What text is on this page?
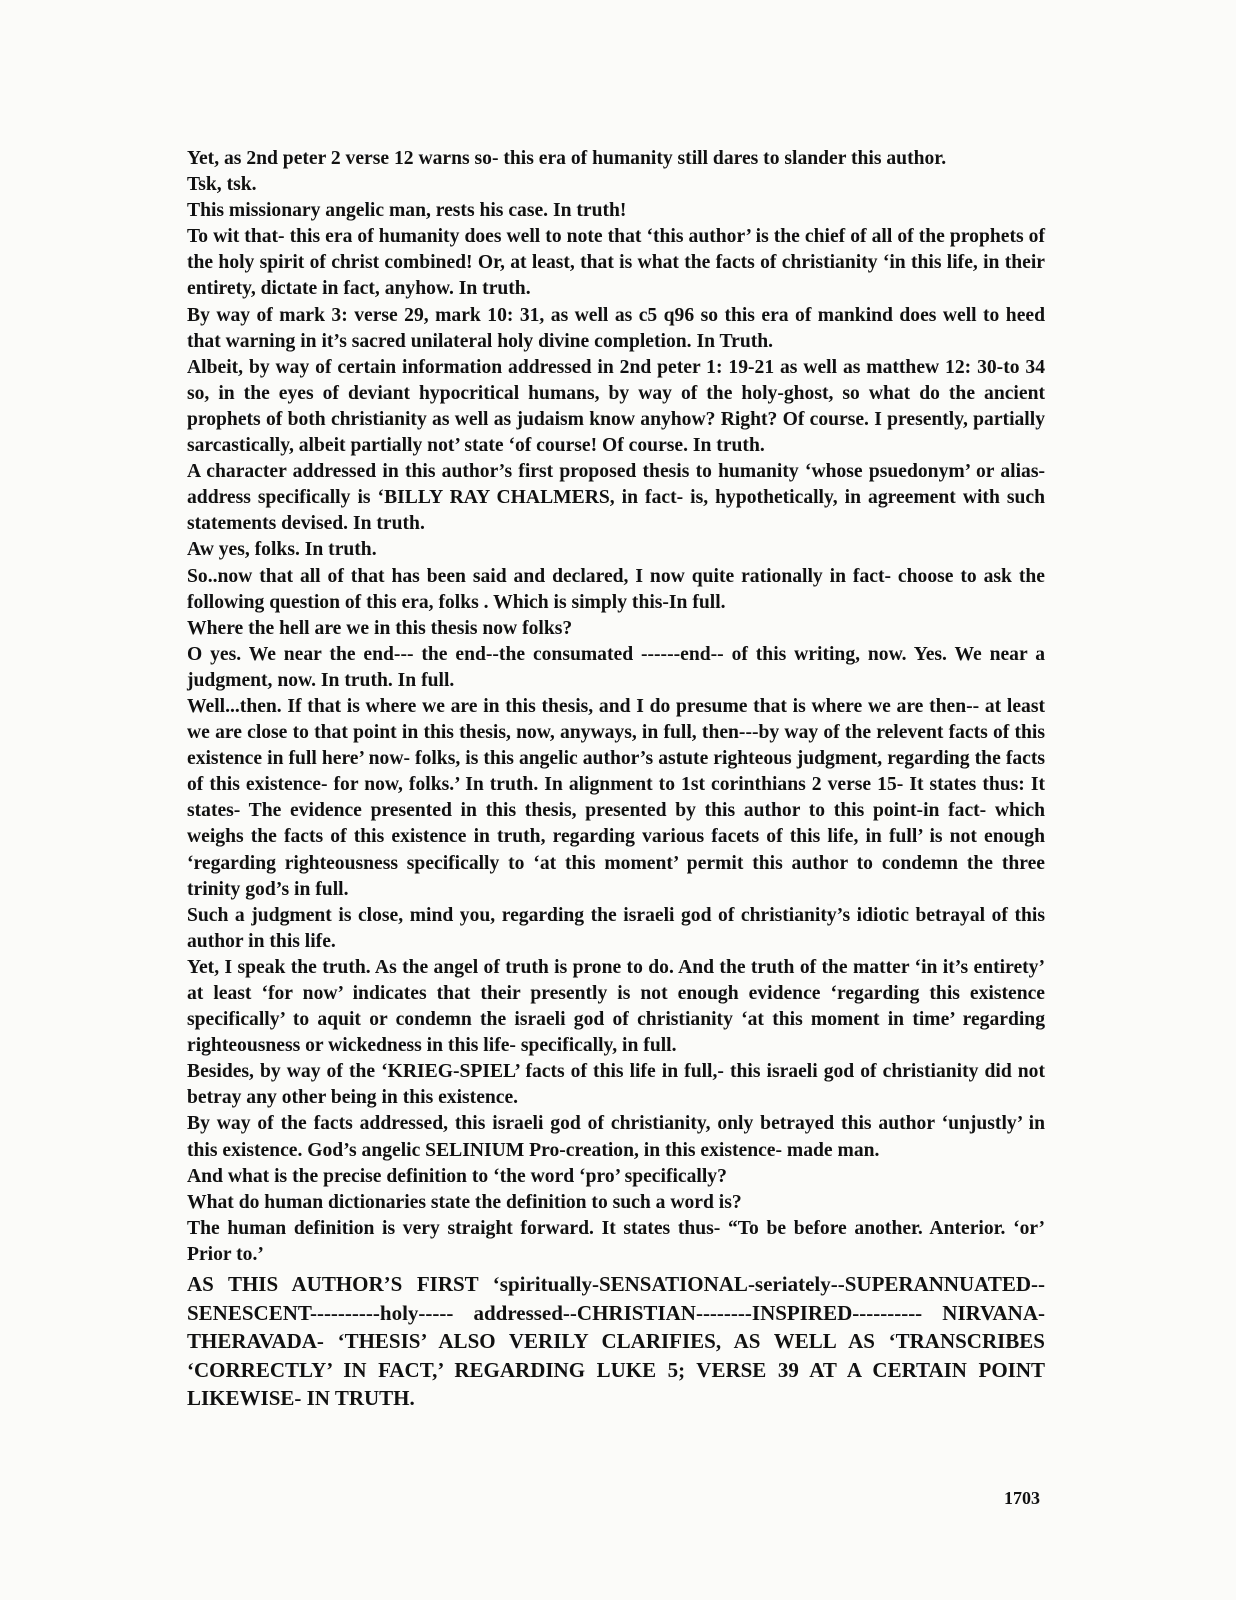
Yet, as 2nd peter 2 verse 12 warns so- this era of humanity still dares to slander this author.

Tsk, tsk.

This missionary angelic man, rests his case. In truth!

To wit that- this era of humanity does well to note that ‘this author’ is the chief of all of the prophets of the holy spirit of christ combined! Or, at least, that is what the facts of christianity ‘in this life, in their entirety, dictate in fact, anyhow. In truth.

By way of mark 3: verse 29, mark 10: 31, as well as c5 q96 so this era of mankind does well to heed that warning in it’s sacred unilateral holy divine completion. In Truth.

Albeit, by way of certain information addressed in 2nd peter 1: 19-21 as well as matthew 12: 30-to 34 so, in the eyes of deviant hypocritical humans, by way of the holy-ghost, so what do the ancient prophets of both christianity as well as judaism know anyhow? Right? Of course. I presently, partially sarcastically, albeit partially not’ state ‘of course! Of course. In truth.

A character addressed in this author’s first proposed thesis to humanity ‘whose psuedonym’ or alias- address specifically is ‘BILLY RAY CHALMERS, in fact- is, hypothetically, in agreement with such statements devised. In truth.

Aw yes, folks. In truth.

So..now that all of that has been said and declared, I now quite rationally in fact- choose to ask the following question of this era, folks . Which is simply this-In full.

Where the hell are we in this thesis now folks?

O yes. We near the end--- the end--the consumated ------end-- of this writing, now. Yes. We near a judgment, now. In truth. In full.

Well...then. If that is where we are in this thesis, and I do presume that is where we are then-- at least we are close to that point in this thesis, now, anyways, in full, then---by way of the relevent facts of this existence in full here’ now- folks, is this angelic author’s astute righteous judgment, regarding the facts of this existence- for now, folks.’ In truth. In alignment to 1st corinthians 2 verse 15- It states thus: It states- The evidence presented in this thesis, presented by this author to this point-in fact- which weighs the facts of this existence in truth, regarding various facets of this life, in full’ is not enough ‘regarding righteousness specifically to ‘at this moment’ permit this author to condemn the three trinity god’s in full.

Such a judgment is close, mind you, regarding the israeli god of christianity’s idiotic betrayal of this author in this life.

Yet, I speak the truth. As the angel of truth is prone to do. And the truth of the matter ‘in it’s entirety’ at least ‘for now’ indicates that their presently is not enough evidence ‘regarding this existence specifically’ to aquit or condemn the israeli god of christianity ‘at this moment in time’ regarding righteousness or wickedness in this life- specifically, in full.

Besides, by way of the ‘KRIEG-SPIEL’ facts of this life in full,- this israeli god of christianity did not betray any other being in this existence.

By way of the facts addressed, this israeli god of christianity, only betrayed this author ‘unjustly’ in this existence. God’s angelic SELINIUM Pro-creation, in this existence- made man.

And what is the precise definition to ‘the word ‘pro’ specifically?

What do human dictionaries state the definition to such a word is?

The human definition is very straight forward. It states thus- “To be before another. Anterior. ‘or’ Prior to.’

AS THIS AUTHOR’S FIRST ‘spiritually-SENSATIONAL-seriately--SUPERANNUATED-- SENESCENT----------holy----- addressed--CHRISTIAN--------INSPIRED---------- NIRVANA-THERAVADA- ‘THESIS’ ALSO VERILY CLARIFIES, AS WELL AS ‘TRANSCRIBES ‘CORRECTLY’ IN FACT,’ REGARDING LUKE 5; VERSE 39 AT A CERTAIN POINT LIKEWISE- IN TRUTH.

1703
